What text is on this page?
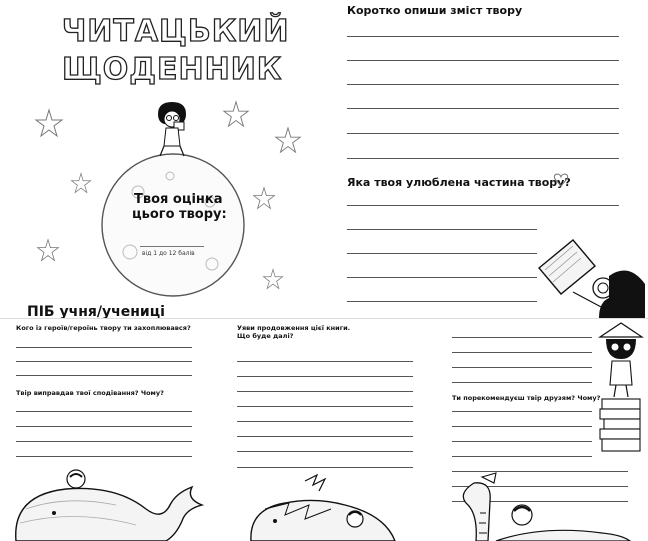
ЧИТАЦЬКИЙ
ЩОДЕННИК
Твоя оцінка
цього твору:
від 1 до 12 балів
ПІБ учня/учениці
Коротко опиши зміст твору
Яка твоя улюблена частина твору?
Кого із героїв/героїнь твору ти захоплювався?
Твір виправдав твої сподівання? Чому?
Уяви продовження цієї книги.
Що буде далі?
Ти порекомендуєш твір друзям? Чому?
